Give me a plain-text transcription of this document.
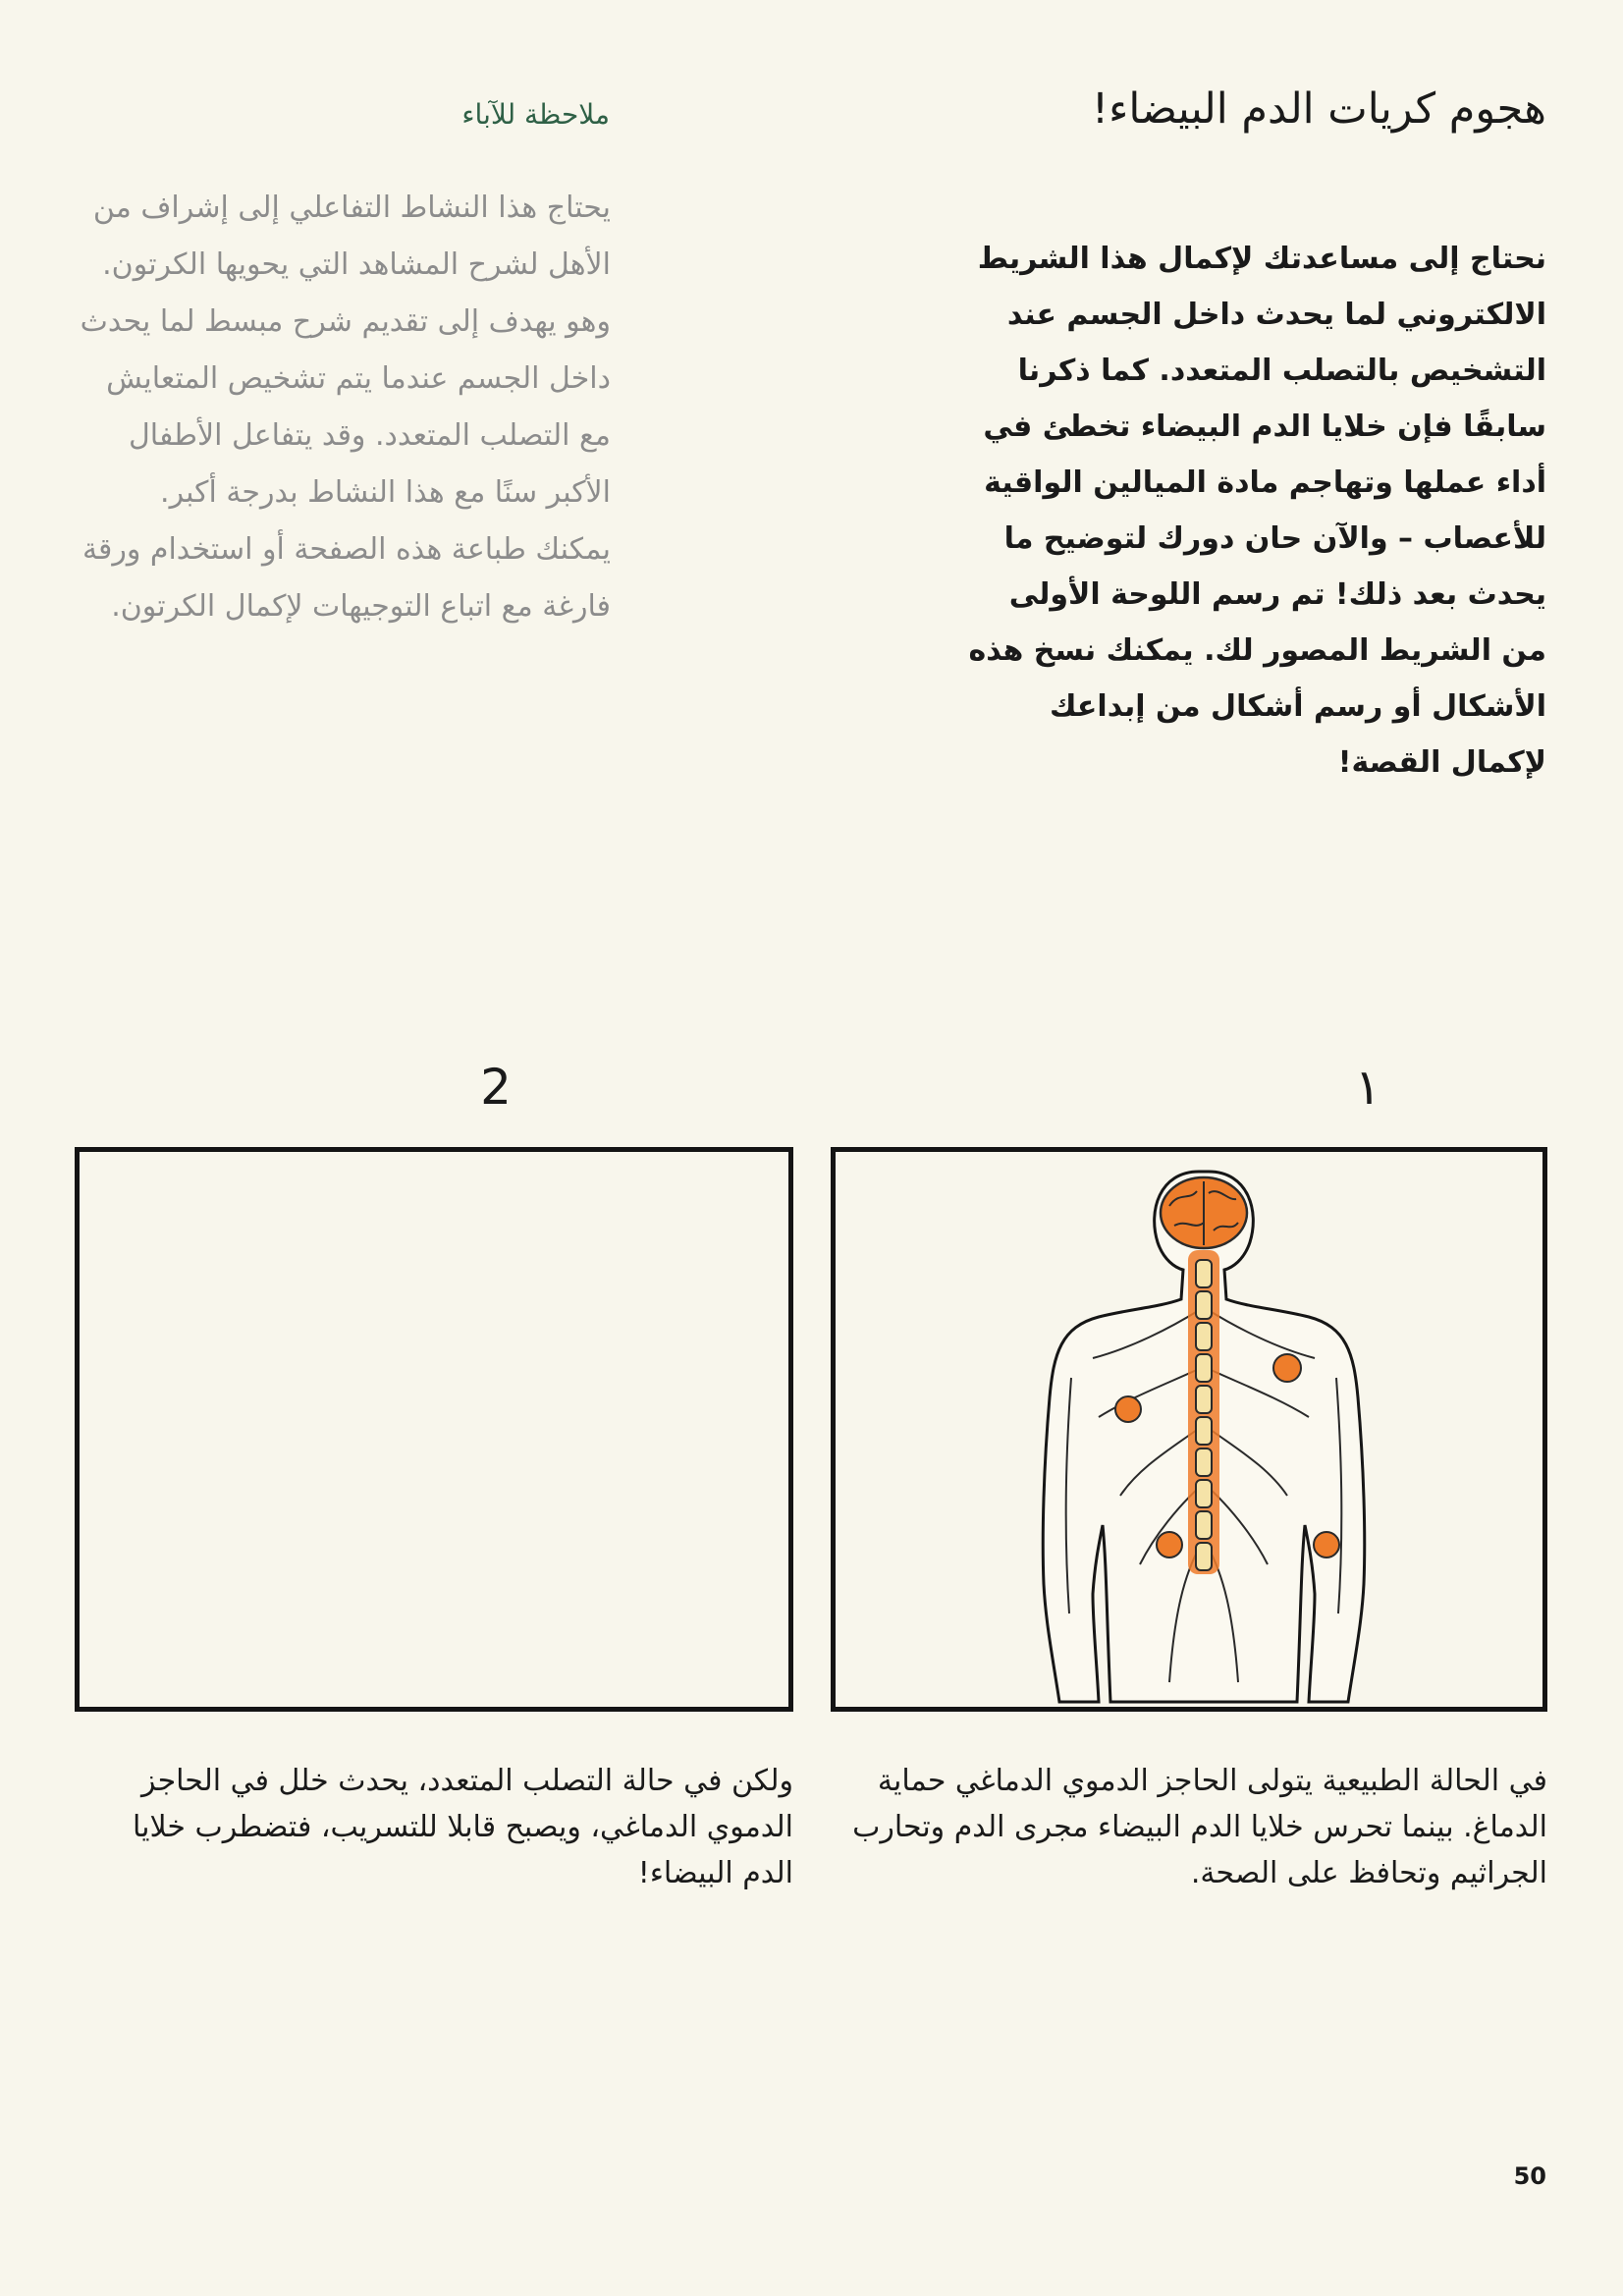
هجوم كريات الدم البيضاء!

نحتاج إلى مساعدتك لإكمال هذا الشريط الالكتروني لما يحدث داخل الجسم عند التشخيص بالتصلب المتعدد. كما ذكرنا سابقًا فإن خلايا الدم البيضاء تخطئ في أداء عملها وتهاجم مادة الميالين الواقية للأعصاب – والآن حان دورك لتوضيح ما يحدث بعد ذلك! تم رسم اللوحة الأولى من الشريط المصور لك. يمكنك نسخ هذه الأشكال أو رسم أشكال من إبداعك لإكمال القصة!

ملاحظة للآباء

يحتاج هذا النشاط التفاعلي إلى إشراف من الأهل لشرح المشاهد التي يحويها الكرتون. وهو يهدف إلى تقديم شرح مبسط لما يحدث داخل الجسم عندما يتم تشخيص المتعايش مع التصلب المتعدد. وقد يتفاعل الأطفال الأكبر سنًا مع هذا النشاط بدرجة أكبر. يمكنك طباعة هذه الصفحة أو استخدام ورقة فارغة مع اتباع التوجيهات لإكمال الكرتون.

١

في الحالة الطبيعية يتولى الحاجز الدموي الدماغي حماية الدماغ. بينما تحرس خلايا الدم البيضاء مجرى الدم وتحارب الجراثيم وتحافظ على الصحة.

2

ولكن في حالة التصلب المتعدد، يحدث خلل في الحاجز الدموي الدماغي، ويصبح قابلا للتسريب، فتضطرب خلايا الدم البيضاء!

50
